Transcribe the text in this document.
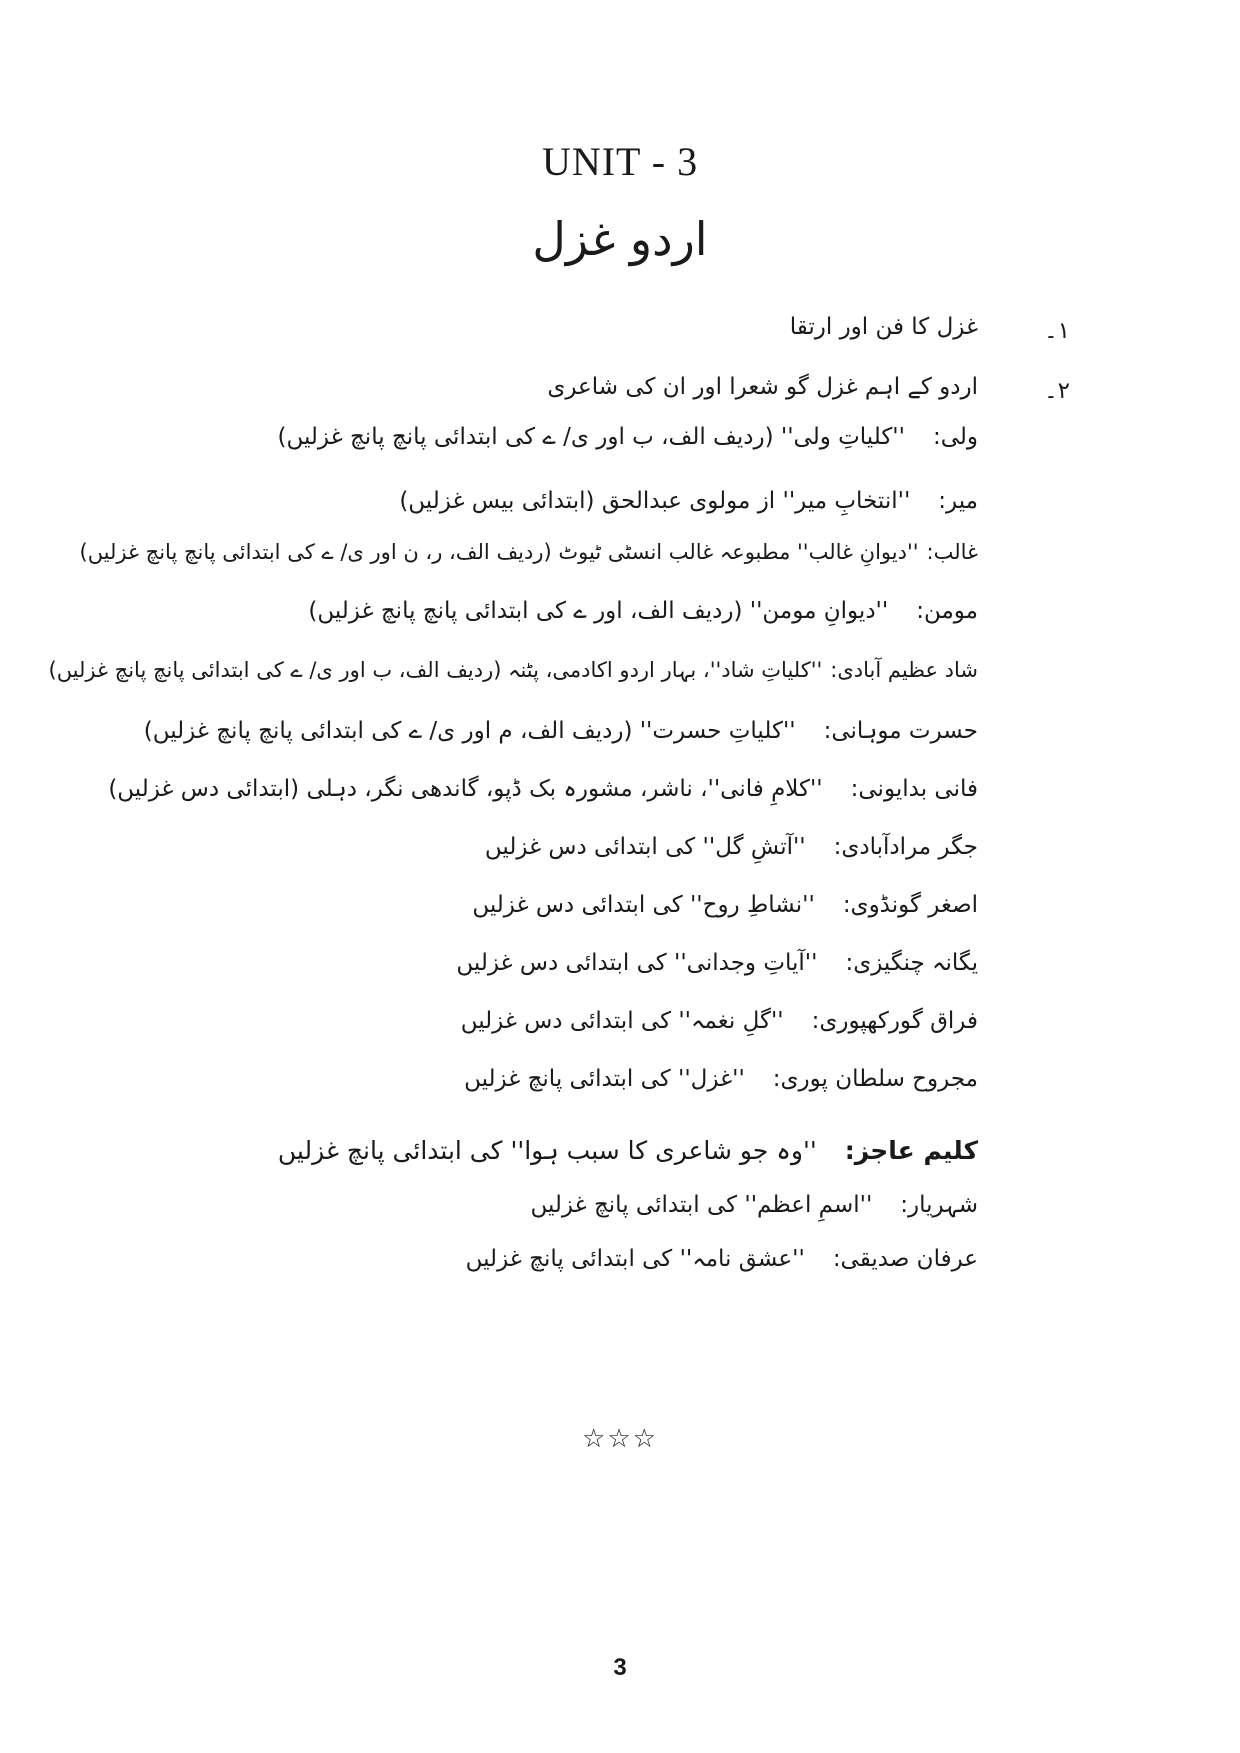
UNIT - 3
اردو غزل
۱۔
غزل کا فن اور ارتقا
۲۔
اردو کے اہم غزل گو شعرا اور ان کی شاعری
ولی:''کلیاتِ ولی'' (ردیف الف، ب اور ی/ ے کی ابتدائی پانچ پانچ غزلیں)
میر:''انتخابِ میر'' از مولوی عبدالحق (ابتدائی بیس غزلیں)
غالب:''دیوانِ غالب'' مطبوعہ غالب انسٹی ٹیوٹ (ردیف الف، ر، ن اور ی/ ے کی ابتدائی پانچ پانچ غزلیں)
مومن:''دیوانِ مومن'' (ردیف الف، اور ے کی ابتدائی پانچ پانچ غزلیں)
شاد عظیم آبادی:''کلیاتِ شاد''، بہار اردو اکادمی، پٹنہ (ردیف الف، ب اور ی/ ے کی ابتدائی پانچ پانچ غزلیں)
حسرت موہانی:''کلیاتِ حسرت'' (ردیف الف، م اور ی/ ے کی ابتدائی پانچ پانچ غزلیں)
فانی بدایونی:''کلامِ فانی''، ناشر، مشورہ بک ڈپو، گاندھی نگر، دہلی (ابتدائی دس غزلیں)
جگر مرادآبادی:''آتشِ گل'' کی ابتدائی دس غزلیں
اصغر گونڈوی:''نشاطِ روح'' کی ابتدائی دس غزلیں
یگانہ چنگیزی:''آیاتِ وجدانی'' کی ابتدائی دس غزلیں
فراق گورکھپوری:''گلِ نغمہ'' کی ابتدائی دس غزلیں
مجروح سلطان پوری:''غزل'' کی ابتدائی پانچ غزلیں
کلیم عاجز:''وہ جو شاعری کا سبب ہوا'' کی ابتدائی پانچ غزلیں
شہریار:''اسمِ اعظم'' کی ابتدائی پانچ غزلیں
عرفان صدیقی:''عشق نامہ'' کی ابتدائی پانچ غزلیں
☆☆☆
3
